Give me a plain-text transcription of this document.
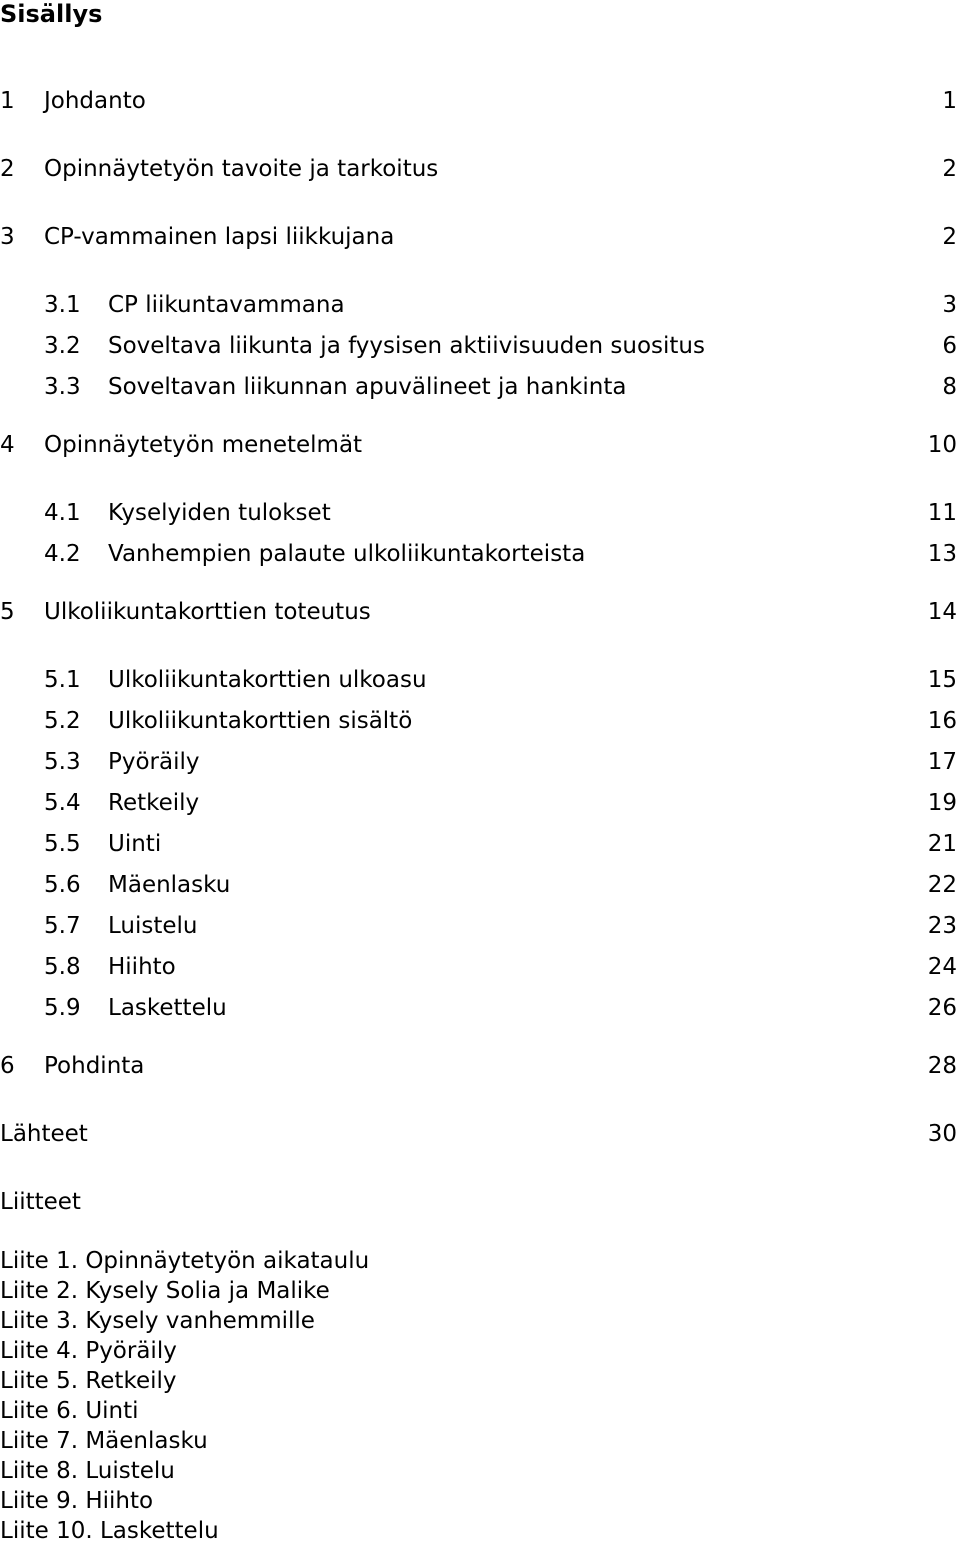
Sisällys
1 Johdanto	1
2 Opinnäytetyön tavoite ja tarkoitus	2
3 CP-vammainen lapsi liikkujana	2
3.1 CP liikuntavammana	3
3.2 Soveltava liikunta ja fyysisen aktiivisuuden suositus	6
3.3 Soveltavan liikunnan apuvälineet ja hankinta	8
4 Opinnäytetyön menetelmät	10
4.1 Kyselyiden tulokset	11
4.2 Vanhempien palaute ulkoliikuntakorteista	13
5 Ulkoliikuntakorttien toteutus	14
5.1 Ulkoliikuntakorttien ulkoasu	15
5.2 Ulkoliikuntakorttien sisältö	16
5.3 Pyöräily	17
5.4 Retkeily	19
5.5 Uinti	21
5.6 Mäenlasku	22
5.7 Luistelu	23
5.8 Hiihto	24
5.9 Laskettelu	26
6 Pohdinta	28
Lähteet	30
Liitteet
Liite 1. Opinnäytetyön aikataulu
Liite 2. Kysely Solia ja Malike
Liite 3. Kysely vanhemmille
Liite 4. Pyöräily
Liite 5. Retkeily
Liite 6. Uinti
Liite 7. Mäenlasku
Liite 8. Luistelu
Liite 9. Hiihto
Liite 10. Laskettelu
